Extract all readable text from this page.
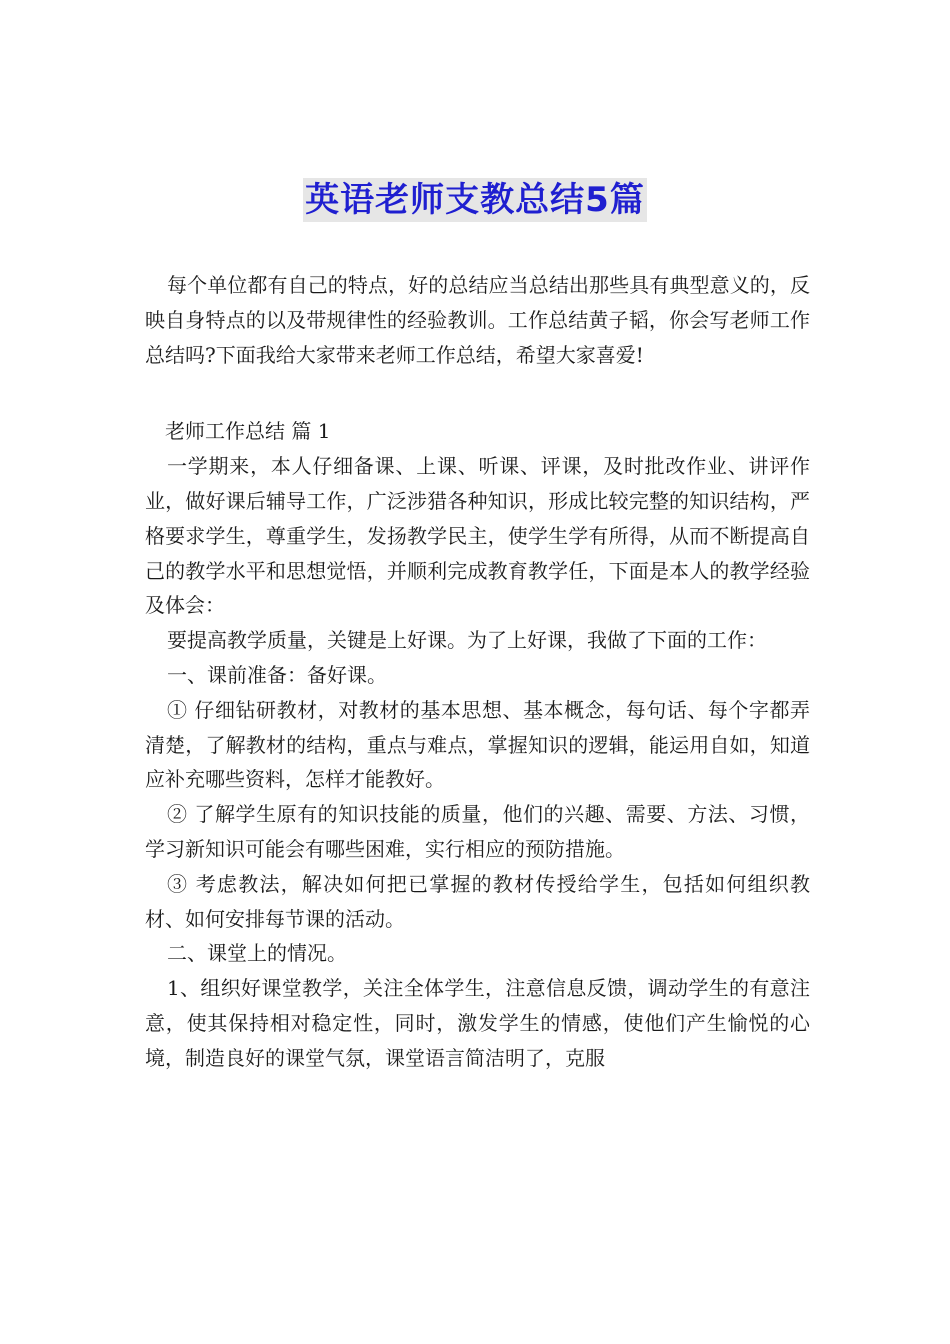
英语老师支教总结5篇

每个单位都有自己的特点，好的总结应当总结出那些具有典型意义的，反映自身特点的以及带规律性的经验教训。工作总结黄子韬，你会写老师工作总结吗?下面我给大家带来老师工作总结，希望大家喜爱!

老师工作总结 篇 1

一学期来，本人仔细备课、上课、听课、评课，及时批改作业、讲评作业，做好课后辅导工作，广泛涉猎各种知识，形成比较完整的知识结构，严格要求学生，尊重学生，发扬教学民主，使学生学有所得，从而不断提高自己的教学水平和思想觉悟，并顺利完成教育教学任，下面是本人的教学经验及体会：

要提高教学质量，关键是上好课。为了上好课，我做了下面的工作：

一、课前准备：备好课。

① 仔细钻研教材，对教材的基本思想、基本概念，每句话、每个字都弄清楚，了解教材的结构，重点与难点，掌握知识的逻辑，能运用自如，知道应补充哪些资料，怎样才能教好。

② 了解学生原有的知识技能的质量，他们的兴趣、需要、方法、习惯，学习新知识可能会有哪些困难，实行相应的预防措施。

③ 考虑教法，解决如何把已掌握的教材传授给学生，包括如何组织教材、如何安排每节课的活动。

二、课堂上的情况。

1、组织好课堂教学，关注全体学生，注意信息反馈，调动学生的有意注意，使其保持相对稳定性，同时，激发学生的情感，使他们产生愉悦的心境，制造良好的课堂气氛，课堂语言简洁明了，克服
